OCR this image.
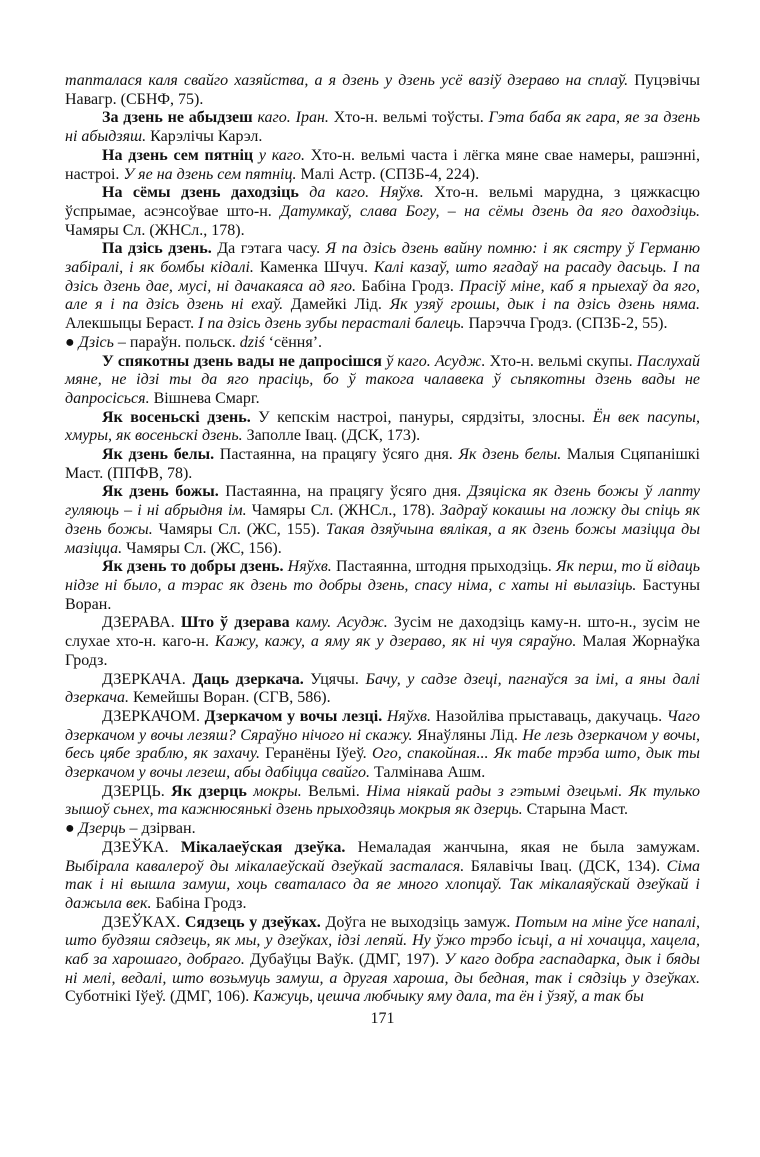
тапталася каля свайго хазяйства, а я дзень у дзень усё вазіў дзераво на сплаў. Пуцэвічы Навагр. (СБНФ, 75).

За дзень не абыдзеш каго. Іран. Хто-н. вельмі тоўсты. Гэта баба як гара, яе за дзень ні абыдзяш. Карэлічы Карэл.

На дзень сем пятніц у каго. Хто-н. вельмі часта і лёгка мяне свае намеры, рашэнні, настроі. У яе на дзень сем пятніц. Малі Астр. (СПЗБ-4, 224).

На сёмы дзень даходзіць да каго. Няўхв. Хто-н. вельмі марудна, з цяжкасцю ўспрымае, асэнсоўвае што-н. Датумкаў, слава Богу, – на сёмы дзень да яго даходзіць. Чамяры Сл. (ЖНСл., 178).

Па дзісь дзень. Да гэтага часу. Я па дзісь дзень вайну помню: і як сястру ў Германю забіралі, і як бомбы кідалі. Каменка Шчуч. Калі казаў, што ягадаў на расаду дасьць. І па дзісь дзень дае, мусі, ні дачакаяса ад яго. Бабіна Гродз. Прасіў міне, каб я прыехаў да яго, але я і па дзісь дзень ні ехаў. Дамейкі Лід. Як узяў грошы, дык і па дзісь дзень няма. Алекшыцы Бераст. І па дзісь дзень зубы перасталі балець. Парэчча Гродз. (СПЗБ-2, 55).

● Дзісь – параўн. польск. dziś ‘сёння’.

У спякотны дзень вады не дапросішся ў каго. Асудж. Хто-н. вельмі скупы. Паслухай мяне, не ідзі ты да яго прасіць, бо ў такога чалавека ў сьпякотны дзень вады не дапросісься. Вішнева Смарг.

Як восеньскі дзень. У кепскім настроі, пануры, сярдзіты, злосны. Ён век пасупы, хмуры, як восеньскі дзень. Заполле Івац. (ДСК, 173).

Як дзень белы. Пастаянна, на працягу ўсяго дня. Як дзень белы. Малыя Сцяпанішкі Маст. (ППФВ, 78).

Як дзень божы. Пастаянна, на працягу ўсяго дня. Дзяціска як дзень божы ў лапту гуляюць – і ні абрыдня ім. Чамяры Сл. (ЖНСл., 178). Задраў кокашы на ложку ды спіць як дзень божы. Чамяры Сл. (ЖС, 155). Такая дзяўчына вялікая, а як дзень божы мазіцца ды мазіцца. Чамяры Сл. (ЖС, 156).

Як дзень то добры дзень. Няўхв. Пастаянна, штодня прыходзіць. Як перш, то й відаць нідзе ні было, а тэрас як дзень то добры дзень, спасу німа, с хаты ні вылазіць. Бастуны Воран.

ДЗЕРАВА. Што ў дзерава каму. Асудж. Зусім не даходзіць каму-н. што-н., зусім не слухае хто-н. каго-н. Кажу, кажу, а яму як у дзераво, як ні чуя сяраўно. Малая Жорнаўка Гродз.

ДЗЕРКАЧА. Даць дзеркача. Уцячы. Бачу, у садзе дзеці, пагнаўся за імі, а яны далі дзеркача. Кемейшы Воран. (СГВ, 586).

ДЗЕРКАЧОМ. Дзеркачом у вочы лезці. Няўхв. Назойліва прыставаць, дакучаць. Чаго дзеркачом у вочы лезяш? Сяраўно нічого ні скажу. Янаўляны Лід. Не лезь дзеркачом у вочы, бесь цябе зраблю, як захачу. Геранёны Іўеў. Ого, спакойная... Як табе трэба што, дык ты дзеркачом у вочы лезеш, абы дабіцца свайго. Талмінава Ашм.

ДЗЕРЦЬ. Як дзерць мокры. Вельмі. Німа ніякай рады з гэтымі дзецьмі. Як тулько зышоў сьнех, та кажнюсянькі дзень прыходзяць мокрыя як дзерць. Старына Маст.

● Дзерць – дзірван.

ДЗЕЎКА. Мікалаеўская дзеўка. Немаладая жанчына, якая не была замужам. Выбірала кавалероў ды мікалаеўскай дзеўкай засталася. Бялавічы Івац. (ДСК, 134). Сіма так і ні вышла замуш, хоць сваталасо да яе много хлопцаў. Так мікалаяўскай дзеўкай і дажыла век. Бабіна Гродз.

ДЗЕЎКАХ. Сядзець у дзеўках. Доўга не выходзіць замуж. Потым на міне ўсе напалі, што будзяш сядзець, як мы, у дзеўках, ідзі лепяй. Ну ўжо трэбо ісьці, а ні хочацца, хацела, каб за харошаго, добраго. Дубаўцы Ваўк. (ДМГ, 197). У каго добра гаспадарка, дык і бяды ні мелі, ведалі, што возьмуць замуш, а другая хароша, ды бедная, так і сядзіць у дзеўках. Суботнікі Іўеў. (ДМГ, 106). Кажуць, цешча любчыку яму дала, та ён і ўзяў, а так бы

171
